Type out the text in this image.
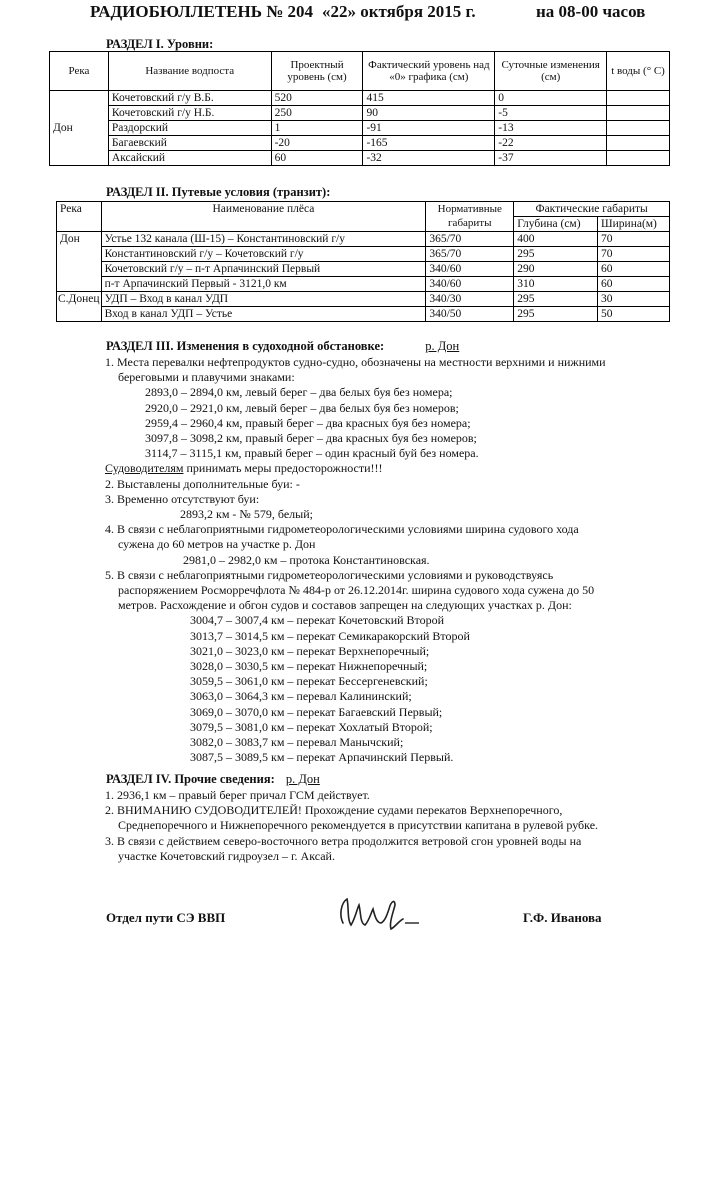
РАДИОБЮЛЛЕТЕНЬ № 204 «22» октября 2015 г.	на 08-00 часов
РАЗДЕЛ I. Уровни:
Река	Название водпоста	Проектный уровень (см)	Фактический уровень над «0» графика (см)	Суточные изменения (см)	t воды (° С)
Дон	Кочетовский г/у В.Б.	520	415	0	
	Кочетовский г/у Н.Б.	250	90	-5	
	Раздорский	1	-91	-13	
	Багаевский	-20	-165	-22	
	Аксайский	60	-32	-37	
РАЗДЕЛ II. Путевые условия (транзит):
Река	Наименование плёса	Нормативные габариты	Фактические габариты	
			Глубина (см)	Ширина(м)
Дон	Устье 132 канала (Ш-15) – Константиновский г/у	365/70	400	70
	Константиновский г/у – Кочетовский г/у	365/70	295	70
	Кочетовский г/у – п-т Арпачинский Первый	340/60	290	60
	п-т Арпачинский Первый - 3121,0 км	340/60	310	60
С.Донец	УДП – Вход в канал УДП	340/30	295	30
	Вход в канал УДП – Устье	340/50	295	50
РАЗДЕЛ III. Изменения в судоходной обстановке:	р. Дон
1. Места перевалки нефтепродуктов судно-судно, обозначены на местности верхними и нижними
береговыми и плавучими знаками:
2893,0 – 2894,0 км, левый берег – два белых буя без номера;
2920,0 – 2921,0 км, левый берег – два белых буя без номеров;
2959,4 – 2960,4 км, правый берег – два красных буя без номера;
3097,8 – 3098,2 км, правый берег – два красных буя без номеров;
3114,7 – 3115,1 км, правый берег – один красный буй без номера.
Судоводителям принимать меры предосторожности!!!
2. Выставлены дополнительные буи: -
3. Временно отсутствуют буи:
2893,2 км - № 579, белый;
4. В связи с неблагоприятными гидрометеорологическими условиями ширина судового хода
сужена до 60 метров на участке р. Дон
2981,0 – 2982,0 км – протока Константиновская.
5. В связи с неблагоприятными гидрометеорологическими условиями и руководствуясь
распоряжением Росморречфлота № 484-р от 26.12.2014г. ширина судового хода сужена до 50
метров. Расхождение и обгон судов и составов запрещен на следующих участках р. Дон:
3004,7 – 3007,4 км – перекат Кочетовский Второй
3013,7 – 3014,5 км – перекат Семикаракорский Второй
3021,0 – 3023,0 км – перекат Верхнепоречный;
3028,0 – 3030,5 км – перекат Нижнепоречный;
3059,5 – 3061,0 км – перекат Бессергеневский;
3063,0 – 3064,3 км – перевал Калининский;
3069,0 – 3070,0 км – перекат Багаевский Первый;
3079,5 – 3081,0 км – перекат Хохлатый Второй;
3082,0 – 3083,7 км – перевал Манычский;
3087,5 – 3089,5 км – перекат Арпачинский Первый.
РАЗДЕЛ IV. Прочие сведения: р. Дон
1. 2936,1 км – правый берег причал ГСМ действует.
2. ВНИМАНИЮ СУДОВОДИТЕЛЕЙ! Прохождение судами перекатов Верхнепоречного,
Среднепоречного и Нижнепоречного рекомендуется в присутствии капитана в рулевой рубке.
3. В связи с действием северо-восточного ветра продолжится ветровой сгон уровней воды на
участке Кочетовский гидроузел – г. Аксай.
Отдел пути СЭ ВВП	Г.Ф. Иванова
